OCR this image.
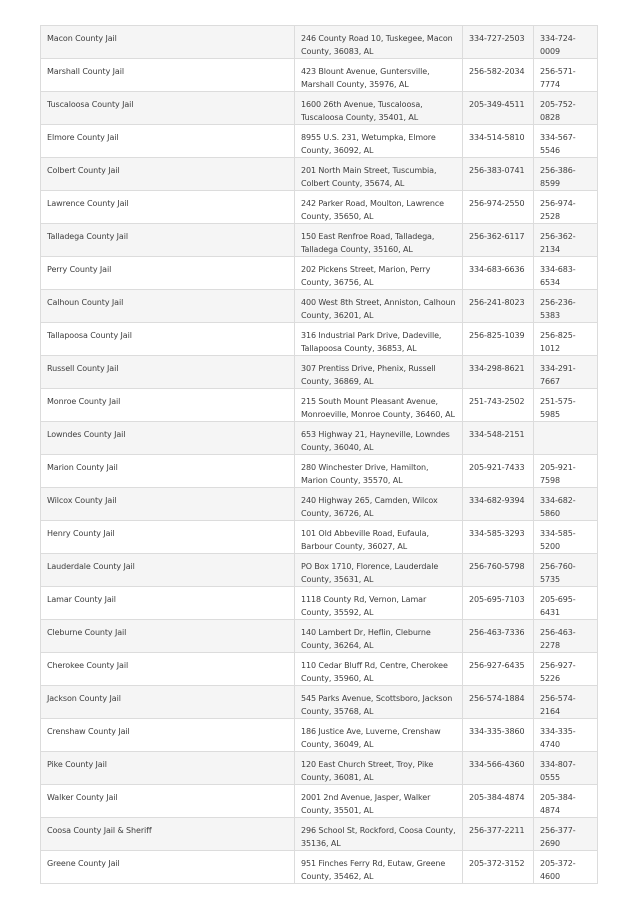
Macon County Jail	246 County Road 10, Tuskegee, Macon County, 36083, AL	334-727-2503	334-724-0009
Marshall County Jail	423 Blount Avenue, Guntersville, Marshall County, 35976, AL	256-582-2034	256-571-7774
Tuscaloosa County Jail	1600 26th Avenue, Tuscaloosa, Tuscaloosa County, 35401, AL	205-349-4511	205-752-0828
Elmore County Jail	8955 U.S. 231, Wetumpka, Elmore County, 36092, AL	334-514-5810	334-567-5546
Colbert County Jail	201 North Main Street, Tuscumbia, Colbert County, 35674, AL	256-383-0741	256-386-8599
Lawrence County Jail	242 Parker Road, Moulton, Lawrence County, 35650, AL	256-974-2550	256-974-2528
Talladega County Jail	150 East Renfroe Road, Talladega, Talladega County, 35160, AL	256-362-6117	256-362-2134
Perry County Jail	202 Pickens Street, Marion, Perry County, 36756, AL	334-683-6636	334-683-6534
Calhoun County Jail	400 West 8th Street, Anniston, Calhoun County, 36201, AL	256-241-8023	256-236-5383
Tallapoosa County Jail	316 Industrial Park Drive, Dadeville, Tallapoosa County, 36853, AL	256-825-1039	256-825-1012
Russell County Jail	307 Prentiss Drive, Phenix, Russell County, 36869, AL	334-298-8621	334-291-7667
Monroe County Jail	215 South Mount Pleasant Avenue, Monroeville, Monroe County, 36460, AL	251-743-2502	251-575-5985
Lowndes County Jail	653 Highway 21, Hayneville, Lowndes County, 36040, AL	334-548-2151	
Marion County Jail	280 Winchester Drive, Hamilton, Marion County, 35570, AL	205-921-7433	205-921-7598
Wilcox County Jail	240 Highway 265, Camden, Wilcox County, 36726, AL	334-682-9394	334-682-5860
Henry County Jail	101 Old Abbeville Road, Eufaula, Barbour County, 36027, AL	334-585-3293	334-585-5200
Lauderdale County Jail	PO Box 1710, Florence, Lauderdale County, 35631, AL	256-760-5798	256-760-5735
Lamar County Jail	1118 County Rd, Vernon, Lamar County, 35592, AL	205-695-7103	205-695-6431
Cleburne County Jail	140 Lambert Dr, Heflin, Cleburne County, 36264, AL	256-463-7336	256-463-2278
Cherokee County Jail	110 Cedar Bluff Rd, Centre, Cherokee County, 35960, AL	256-927-6435	256-927-5226
Jackson County Jail	545 Parks Avenue, Scottsboro, Jackson County, 35768, AL	256-574-1884	256-574-2164
Crenshaw County Jail	186 Justice Ave, Luverne, Crenshaw County, 36049, AL	334-335-3860	334-335-4740
Pike County Jail	120 East Church Street, Troy, Pike County, 36081, AL	334-566-4360	334-807-0555
Walker County Jail	2001 2nd Avenue, Jasper, Walker County, 35501, AL	205-384-4874	205-384-4874
Coosa County Jail & Sheriff	296 School St, Rockford, Coosa County, 35136, AL	256-377-2211	256-377-2690
Greene County Jail	951 Finches Ferry Rd, Eutaw, Greene County, 35462, AL	205-372-3152	205-372-4600
